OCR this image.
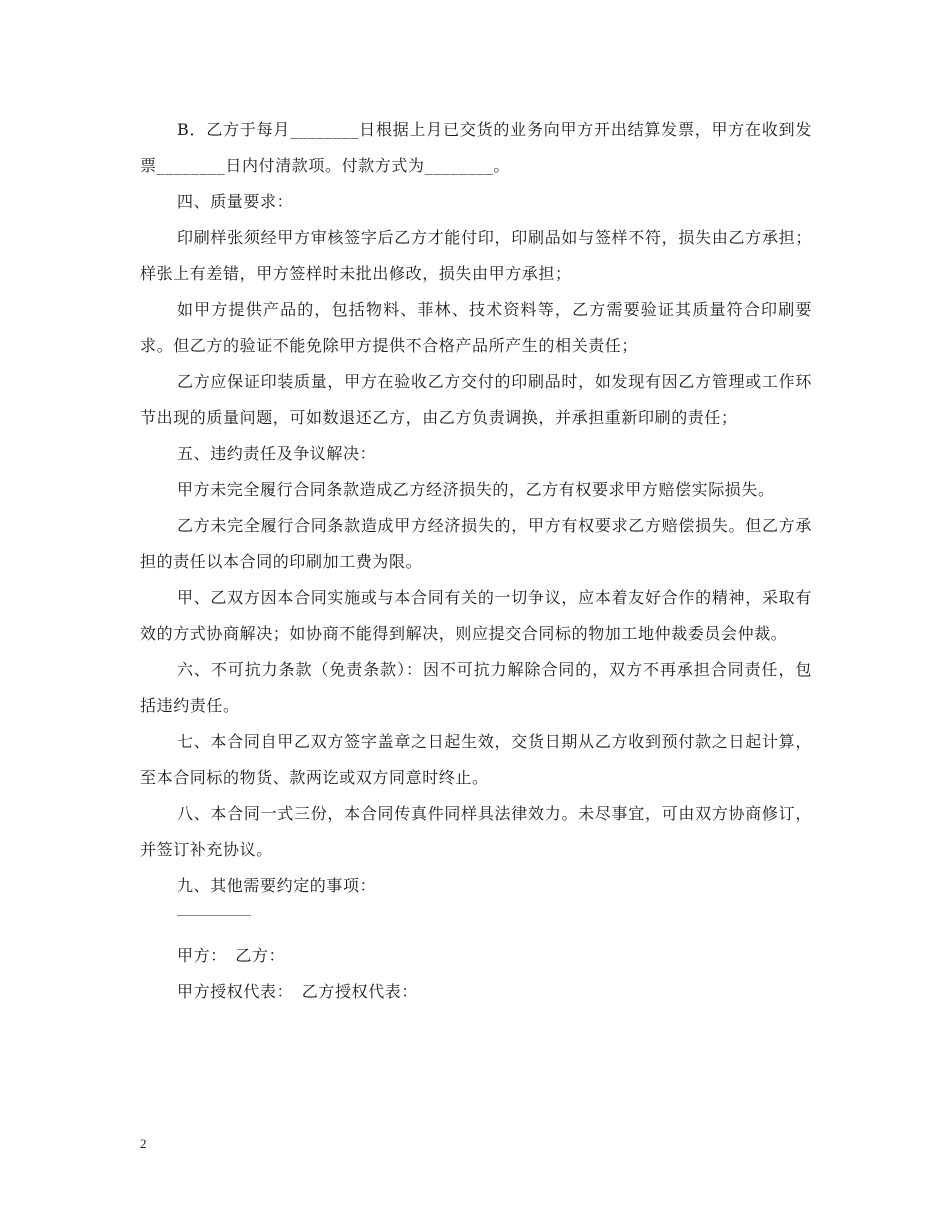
B．乙方于每月________日根据上月已交货的业务向甲方开出结算发票，甲方在收到发票________日内付清款项。付款方式为________。

四、质量要求：

印刷样张须经甲方审核签字后乙方才能付印，印刷品如与签样不符，损失由乙方承担；样张上有差错，甲方签样时未批出修改，损失由甲方承担；

如甲方提供产品的，包括物料、菲林、技术资料等，乙方需要验证其质量符合印刷要求。但乙方的验证不能免除甲方提供不合格产品所产生的相关责任；

乙方应保证印装质量，甲方在验收乙方交付的印刷品时，如发现有因乙方管理或工作环节出现的质量问题，可如数退还乙方，由乙方负责调换，并承担重新印刷的责任；

五、违约责任及争议解决：

甲方未完全履行合同条款造成乙方经济损失的，乙方有权要求甲方赔偿实际损失。

乙方未完全履行合同条款造成甲方经济损失的，甲方有权要求乙方赔偿损失。但乙方承担的责任以本合同的印刷加工费为限。

甲、乙双方因本合同实施或与本合同有关的一切争议，应本着友好合作的精神，采取有效的方式协商解决；如协商不能得到解决，则应提交合同标的物加工地仲裁委员会仲裁。

六、不可抗力条款（免责条款）：因不可抗力解除合同的，双方不再承担合同责任，包括违约责任。

七、本合同自甲乙双方签字盖章之日起生效，交货日期从乙方收到预付款之日起计算，至本合同标的物货、款两讫或双方同意时终止。

八、本合同一式三份，本合同传真件同样具法律效力。未尽事宜，可由双方协商修订，并签订补充协议。

九、其他需要约定的事项：

甲方：　乙方：

甲方授权代表：　乙方授权代表：

2
